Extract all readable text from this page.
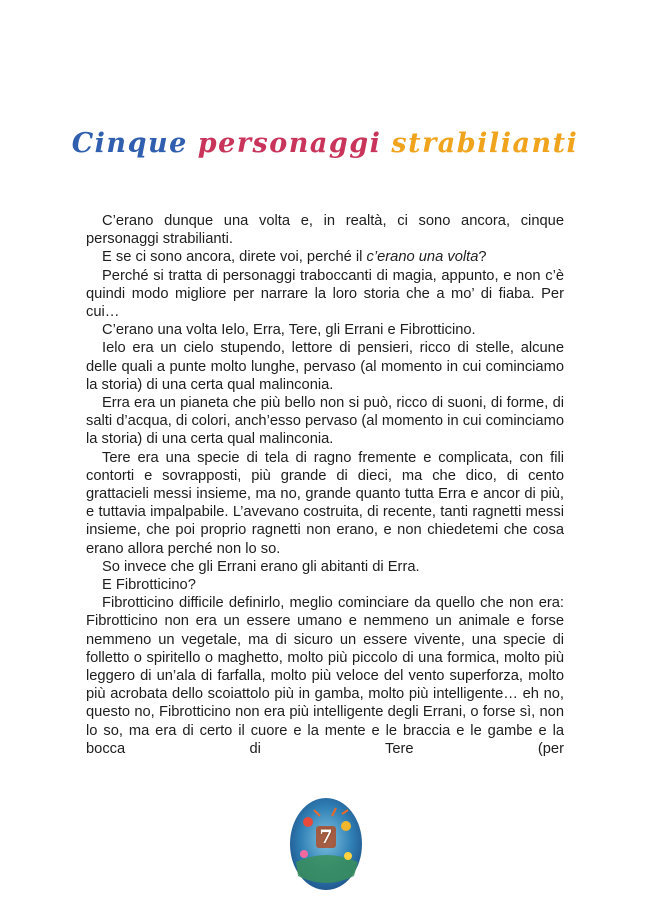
Cinque personaggi strabilianti

C’erano dunque una volta e, in realtà, ci sono ancora, cinque personaggi strabilianti.

E se ci sono ancora, direte voi, perché il c’erano una volta?

Perché si tratta di personaggi traboccanti di magia, appunto, e non c’è quindi modo migliore per narrare la loro storia che a mo’ di fiaba. Per cui…

C’erano una volta Ielo, Erra, Tere, gli Errani e Fibrotticino.

Ielo era un cielo stupendo, lettore di pensieri, ricco di stelle, alcune delle quali a punte molto lunghe, pervaso (al momento in cui cominciamo la storia) di una certa qual malinconia.

Erra era un pianeta che più bello non si può, ricco di suoni, di forme, di salti d’acqua, di colori, anch’esso pervaso (al momento in cui cominciamo la storia) di una certa qual malinconia.

Tere era una specie di tela di ragno fremente e complicata, con fili contorti e sovrapposti, più grande di dieci, ma che dico, di cento grattacieli messi insieme, ma no, grande quanto tutta Erra e ancor di più, e tuttavia impalpabile. L’avevano costruita, di recente, tanti ragnetti messi insieme, che poi proprio ragnetti non erano, e non chiedetemi che cosa erano allora perché non lo so.

So invece che gli Errani erano gli abitanti di Erra.

E Fibrotticino?

Fibrotticino difficile definirlo, meglio cominciare da quello che non era: Fibrotticino non era un essere umano e nemmeno un animale e forse nemmeno un vegetale, ma di sicuro un essere vivente, una specie di folletto o spiritello o maghetto, molto più piccolo di una formica, molto più leggero di un’ala di farfalla, molto più veloce del vento superforza, molto più acrobata dello scoiattolo più in gamba, molto più intelligente… eh no, questo no, Fibrotticino non era più intelligente degli Errani, o forse sì, non lo so, ma era di certo il cuore e la mente e le braccia e le gambe e la bocca di Tere (per

7
